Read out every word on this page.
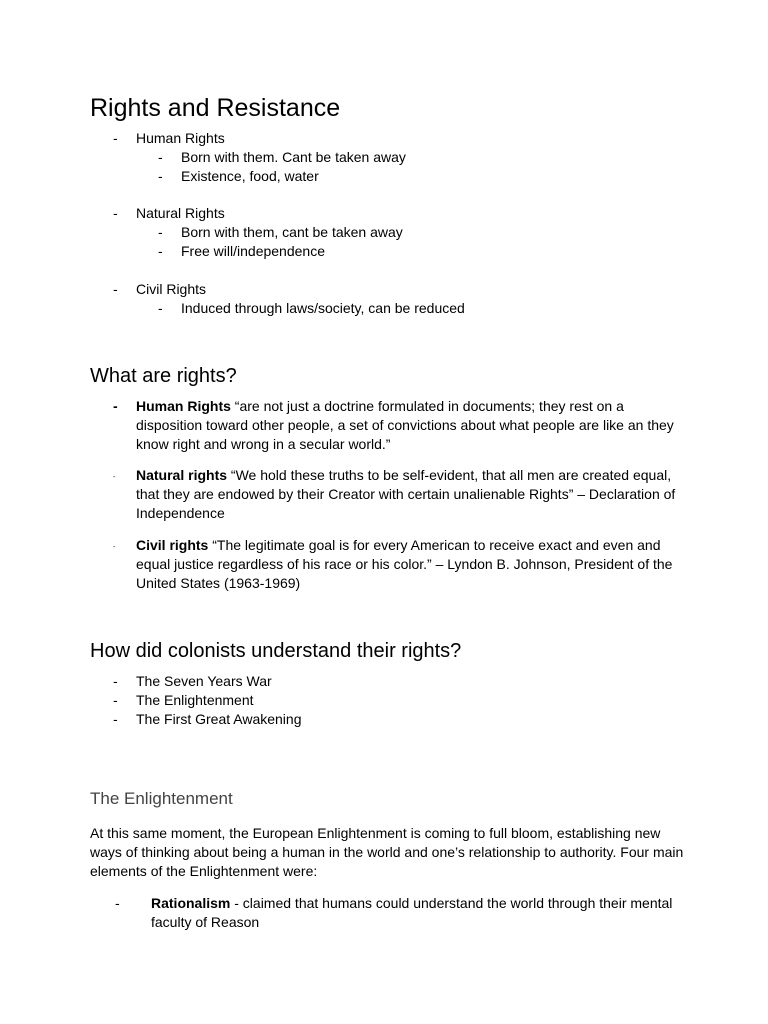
Rights and Resistance
- Human Rights
- Born with them. Cant be taken away
- Existence, food, water
- Natural Rights
- Born with them, cant be taken away
- Free will/independence
- Civil Rights
- Induced through laws/society, can be reduced
What are rights?
- Human Rights “are not just a doctrine formulated in documents; they rest on a
disposition toward other people, a set of convictions about what people are like an they
know right and wrong in a secular world.”
- Natural rights “We hold these truths to be self-evident, that all men are created equal,
that they are endowed by their Creator with certain unalienable Rights” – Declaration of
Independence
- Civil rights “The legitimate goal is for every American to receive exact and even and
equal justice regardless of his race or his color.” – Lyndon B. Johnson, President of the
United States (1963-1969)
How did colonists understand their rights?
- The Seven Years War
- The Enlightenment
- The First Great Awakening
The Enlightenment
At this same moment, the European Enlightenment is coming to full bloom, establishing new
ways of thinking about being a human in the world and one’s relationship to authority. Four main
elements of the Enlightenment were:
- Rationalism - claimed that humans could understand the world through their mental
faculty of Reason
